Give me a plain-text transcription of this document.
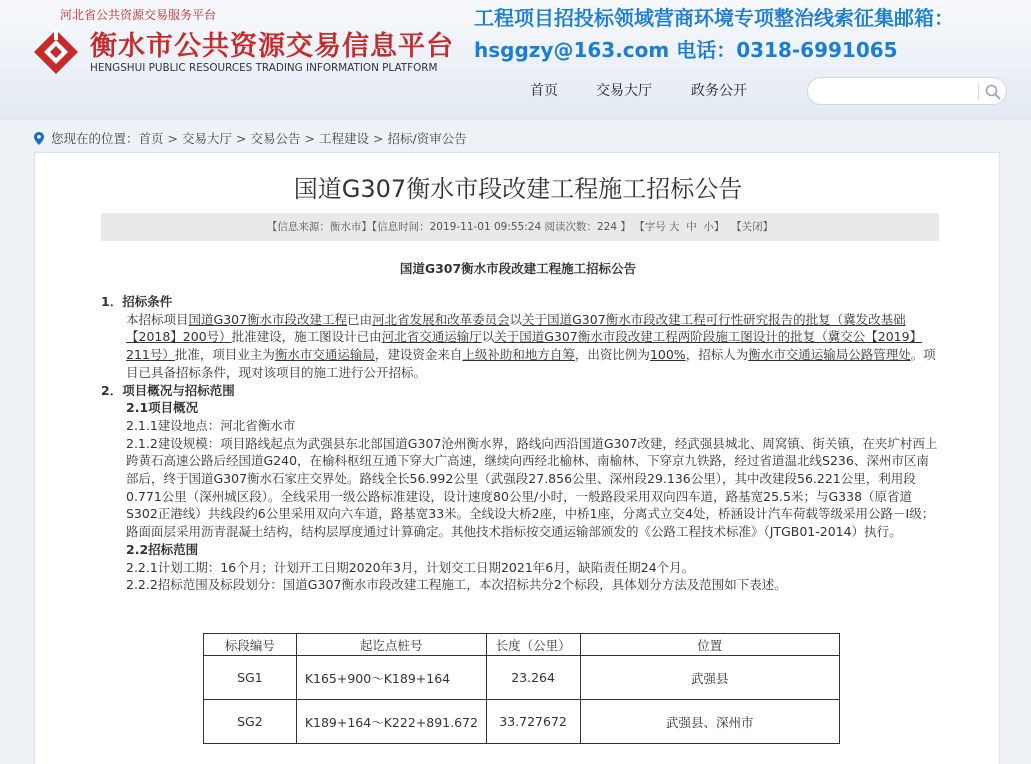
河北省公共资源交易服务平台
衡水市公共资源交易信息平台
HENGSHUI PUBLIC RESOURCES TRADING INFORMATION PLATFORM
工程项目招投标领域营商环境专项整治线索征集邮箱：
hsggzy@163.com 电话：0318-6991065
首页	交易大厅	政务公开
您现在的位置：首页 > 交易大厅 > 交易公告 > 工程建设 > 招标/资审公告
国道G307衡水市段改建工程施工招标公告
【信息来源：衡水市】【信息时间：2019-11-01 09:55:24 阅读次数：224 】 【字号 大 中 小】 【关闭】
国道G307衡水市段改建工程施工招标公告

1．招标条件

本招标项目国道G307衡水市段改建工程已由河北省发展和改革委员会以关于国道G307衡水市段改建工程可行性研究报告的批复（冀发改基础【2018】200号）批准建设，施工图设计已由河北省交通运输厅以关于国道G307衡水市段改建工程两阶段施工图设计的批复（冀交公【2019】211号）批准，项目业主为衡水市交通运输局，建设资金来自上级补助和地方自筹，出资比例为100%，招标人为衡水市交通运输局公路管理处。项目已具备招标条件，现对该项目的施工进行公开招标。

2．项目概况与招标范围

2.1项目概况

2.1.1建设地点：河北省衡水市

2.1.2建设规模：项目路线起点为武强县东北部国道G307沧州衡水界，路线向西沿国道G307改建，经武强县城北、周窝镇、街关镇，在夹圹村西上跨黄石高速公路后经国道G240，在榆科枢纽互通下穿大广高速，继续向西经北榆林、南榆林、下穿京九铁路，经过省道温北线S236、深州市区南部后，终于国道G307衡水石家庄交界处。路线全长56.992公里（武强段27.856公里、深州段29.136公里），其中改建段56.221公里，利用段0.771公里（深州城区段）。全线采用一级公路标准建设，设计速度80公里/小时，一般路段采用双向四车道，路基宽25.5米；与G338（原省道S302正港线）共线段约6公里采用双向六车道，路基宽33米。全线设大桥2座，中桥1座，分离式立交4处，桥涵设计汽车荷载等级采用公路－Ⅰ级；路面面层采用沥青混凝土结构，结构层厚度通过计算确定。其他技术指标按交通运输部颁发的《公路工程技术标准》（JTGB01-2014）执行。

2.2招标范围

2.2.1计划工期：16个月；计划开工日期2020年3月，计划交工日期2021年6月，缺陷责任期24个月。

2.2.2招标范围及标段划分：国道G307衡水市段改建工程施工，本次招标共分2个标段，具体划分方法及范围如下表述。

标段编号	起讫点桩号	长度（公里）	位置
SG1	K165+900～K189+164	23.264	武强县
SG2	K189+164～K222+891.672	33.727672	武强县、深州市
